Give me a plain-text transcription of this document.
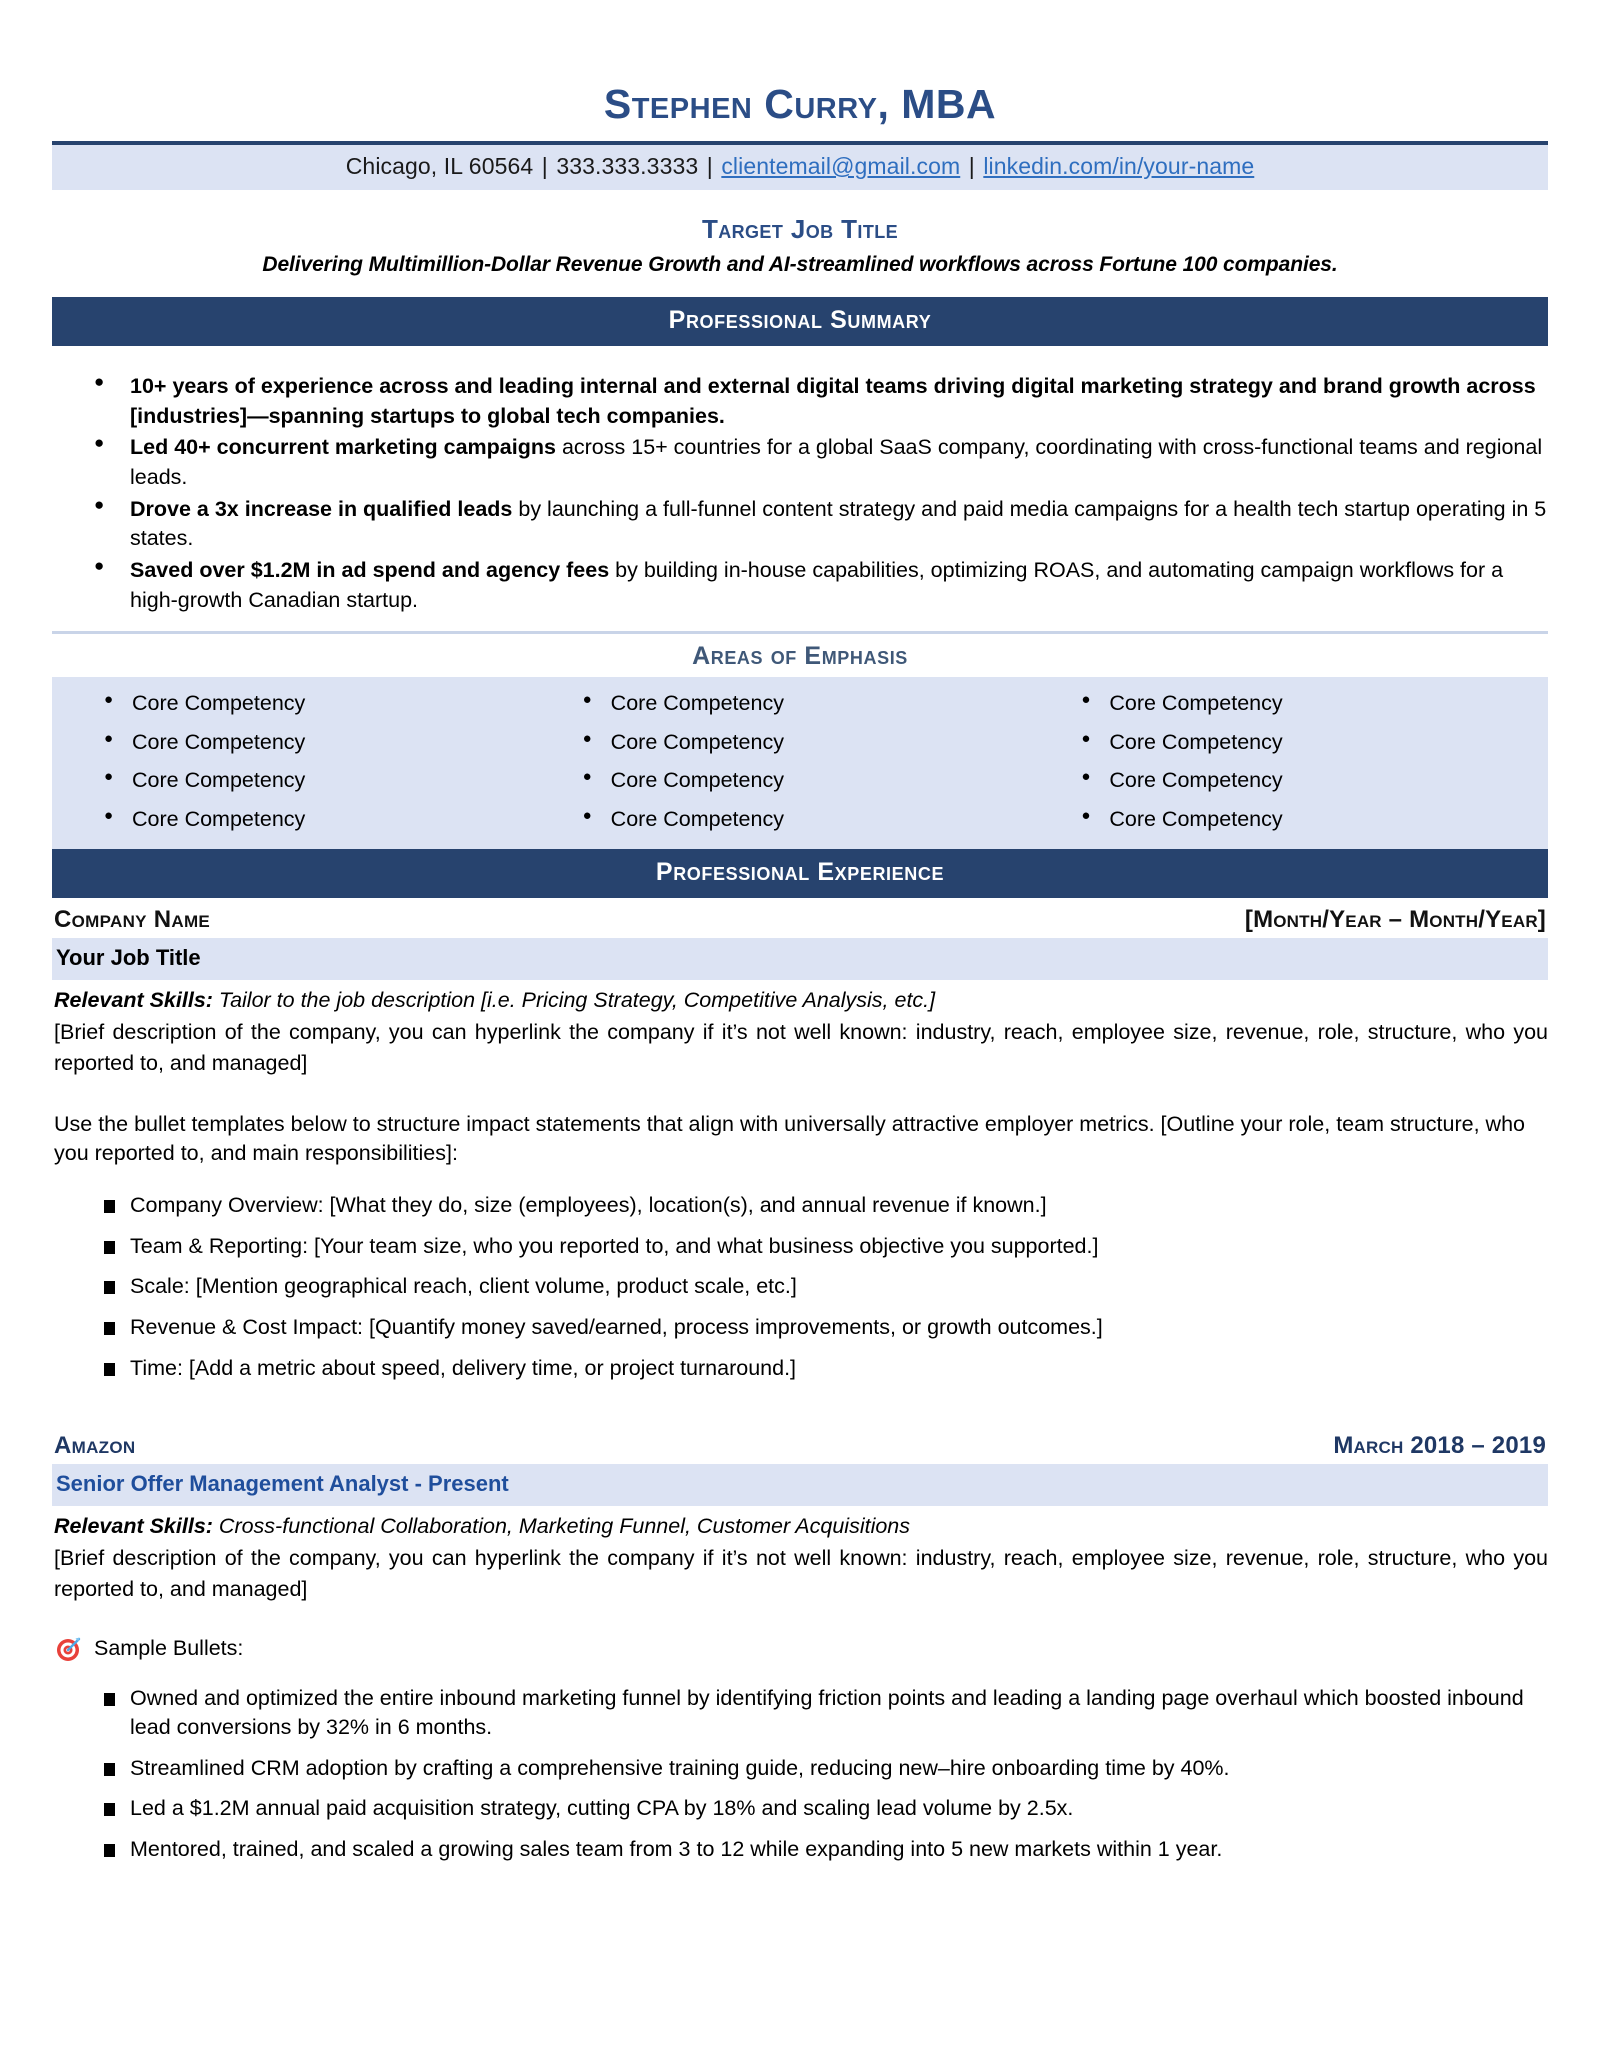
Stephen Curry, MBA
Chicago, IL 60564 | 333.333.3333 | clientemail@gmail.com | linkedin.com/in/your-name
Target Job Title
Delivering Multimillion-Dollar Revenue Growth and AI-streamlined workflows across Fortune 100 companies.
Professional Summary
● 10+ years of experience across and leading internal and external digital teams driving digital marketing strategy and brand growth across [industries]—spanning startups to global tech companies.
● Led 40+ concurrent marketing campaigns across 15+ countries for a global SaaS company, coordinating with cross-functional teams and regional leads.
● Drove a 3x increase in qualified leads by launching a full-funnel content strategy and paid media campaigns for a health tech startup operating in 5 states.
● Saved over $1.2M in ad spend and agency fees by building in-house capabilities, optimizing ROAS, and automating campaign workflows for a high-growth Canadian startup.
Areas of Emphasis
● Core Competency
● Core Competency
● Core Competency
● Core Competency
● Core Competency
● Core Competency
● Core Competency
● Core Competency
● Core Competency
● Core Competency
● Core Competency
● Core Competency
Professional Experience
Company Name	[Month/Year – Month/Year]
Your Job Title
Relevant Skills: Tailor to the job description [i.e. Pricing Strategy, Competitive Analysis, etc.]
[Brief description of the company, you can hyperlink the company if it’s not well known: industry, reach, employee size, revenue, role, structure, who you reported to, and managed]
Use the bullet templates below to structure impact statements that align with universally attractive employer metrics. [Outline your role, team structure, who you reported to, and main responsibilities]:
Company Overview: [What they do, size (employees), location(s), and annual revenue if known.]
Team & Reporting: [Your team size, who you reported to, and what business objective you supported.]
Scale: [Mention geographical reach, client volume, product scale, etc.]
Revenue & Cost Impact: [Quantify money saved/earned, process improvements, or growth outcomes.]
Time: [Add a metric about speed, delivery time, or project turnaround.]
Amazon	March 2018 – 2019
Senior Offer Management Analyst - Present
Relevant Skills: Cross-functional Collaboration, Marketing Funnel, Customer Acquisitions
[Brief description of the company, you can hyperlink the company if it’s not well known: industry, reach, employee size, revenue, role, structure, who you reported to, and managed]
Sample Bullets:
Owned and optimized the entire inbound marketing funnel by identifying friction points and leading a landing page overhaul which boosted inbound lead conversions by 32% in 6 months.
Streamlined CRM adoption by crafting a comprehensive training guide, reducing new–hire onboarding time by 40%.
Led a $1.2M annual paid acquisition strategy, cutting CPA by 18% and scaling lead volume by 2.5x.
Mentored, trained, and scaled a growing sales team from 3 to 12 while expanding into 5 new markets within 1 year.
